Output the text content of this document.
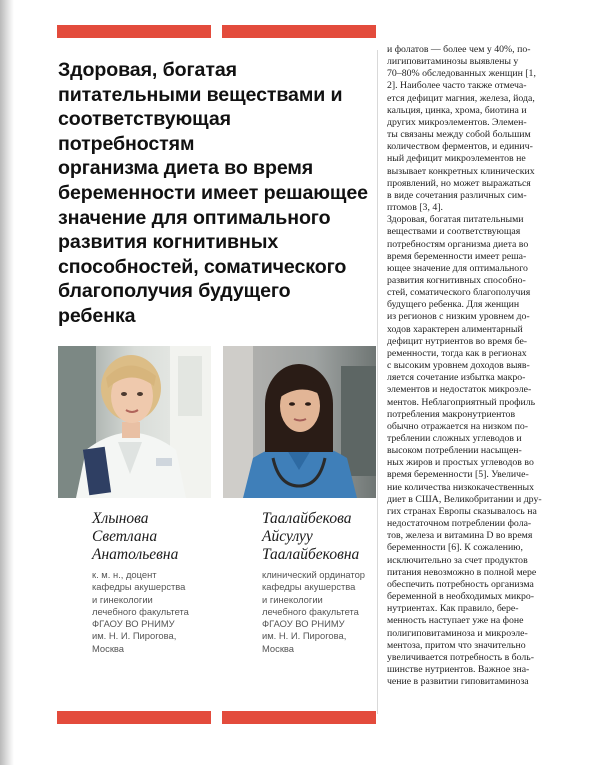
Здоровая, богатая
питательными веществами и
соответствующая потребностям
организма диета во время
беременности имеет решающее
значение для оптимального
развития когнитивных
способностей, соматического
благополучия будущего
ребенка

Хлынова
Светлана
Анатольевна

к. м. н., доцент
кафедры акушерства
и гинекологии
лечебного факультета
ФГАОУ ВО РНИМУ
им. Н. И. Пирогова,
Москва

Таалайбекова
Айсулуу
Таалайбековна

клинический ординатор
кафедры акушерства
и гинекологии
лечебного факультета
ФГАОУ ВО РНИМУ
им. Н. И. Пирогова,
Москва

и фолатов — более чем у 40%, по-
лигиповитаминозы выявлены у
70–80% обследованных женщин [1,
2]. Наиболее часто также отмеча-
ется дефицит магния, железа, йода,
кальция, цинка, хрома, биотина и
других микроэлементов. Элемен-
ты связаны между собой большим
количеством ферментов, и единич-
ный дефицит микроэлементов не
вызывает конкретных клинических
проявлений, но может выражаться
в виде сочетания различных сим-
птомов [3, 4].
Здоровая, богатая питательными
веществами и соответствующая
потребностям организма диета во
время беременности имеет реша-
ющее значение для оптимального
развития когнитивных способно-
стей, соматического благополучия
будущего ребенка. Для женщин
из регионов с низким уровнем до-
ходов характерен алиментарный
дефицит нутриентов во время бе-
ременности, тогда как в регионах
с высоким уровнем доходов выяв-
ляется сочетание избытка макро-
элементов и недостаток микроэле-
ментов. Неблагоприятный профиль
потребления макронутриентов
обычно отражается на низком по-
треблении сложных углеводов и
высоком потреблении насыщен-
ных жиров и простых углеводов во
время беременности [5]. Увеличе-
ние количества низкокачественных
диет в США, Великобритании и дру-
гих странах Европы сказывалось на
недостаточном потреблении фола-
тов, железа и витамина D во время
беременности [6]. К сожалению,
исключительно за счет продуктов
питания невозможно в полной мере
обеспечить потребность организма
беременной в необходимых микро-
нутриентах. Как правило, бере-
менность наступает уже на фоне
полигиповитаминоза и микроэле-
ментоза, притом что значительно
увеличивается потребность в боль-
шинстве нутриентов. Важное зна-
чение в развитии гиповитаминоза
